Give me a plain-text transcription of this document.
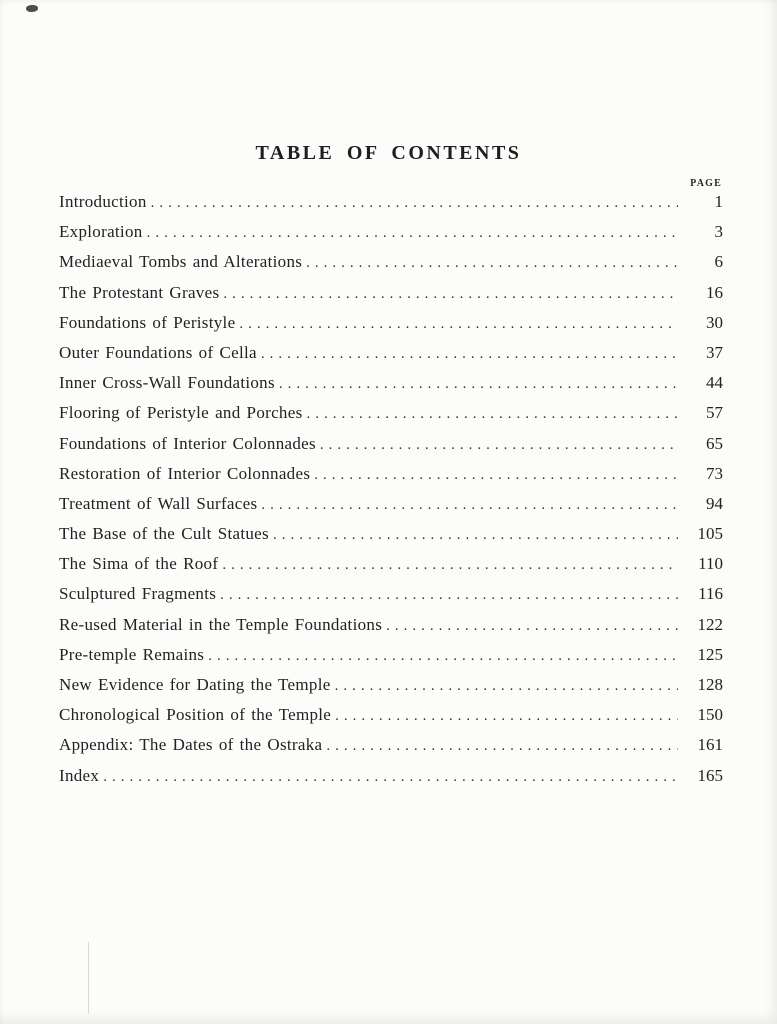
TABLE OF CONTENTS
PAGE
Introduction .....	1
Exploration .....	3
Mediaeval Tombs and Alterations .....	6
The Protestant Graves .....	16
Foundations of Peristyle .....	30
Outer Foundations of Cella .....	37
Inner Cross-Wall Foundations .....	44
Flooring of Peristyle and Porches .....	57
Foundations of Interior Colonnades .....	65
Restoration of Interior Colonnades .....	73
Treatment of Wall Surfaces .....	94
The Base of the Cult Statues .....	105
The Sima of the Roof .....	110
Sculptured Fragments .....	116
Re-used Material in the Temple Foundations .....	122
Pre-temple Remains .....	125
New Evidence for Dating the Temple .....	128
Chronological Position of the Temple .....	150
Appendix: The Dates of the Ostraka .....	161
Index .....	165
